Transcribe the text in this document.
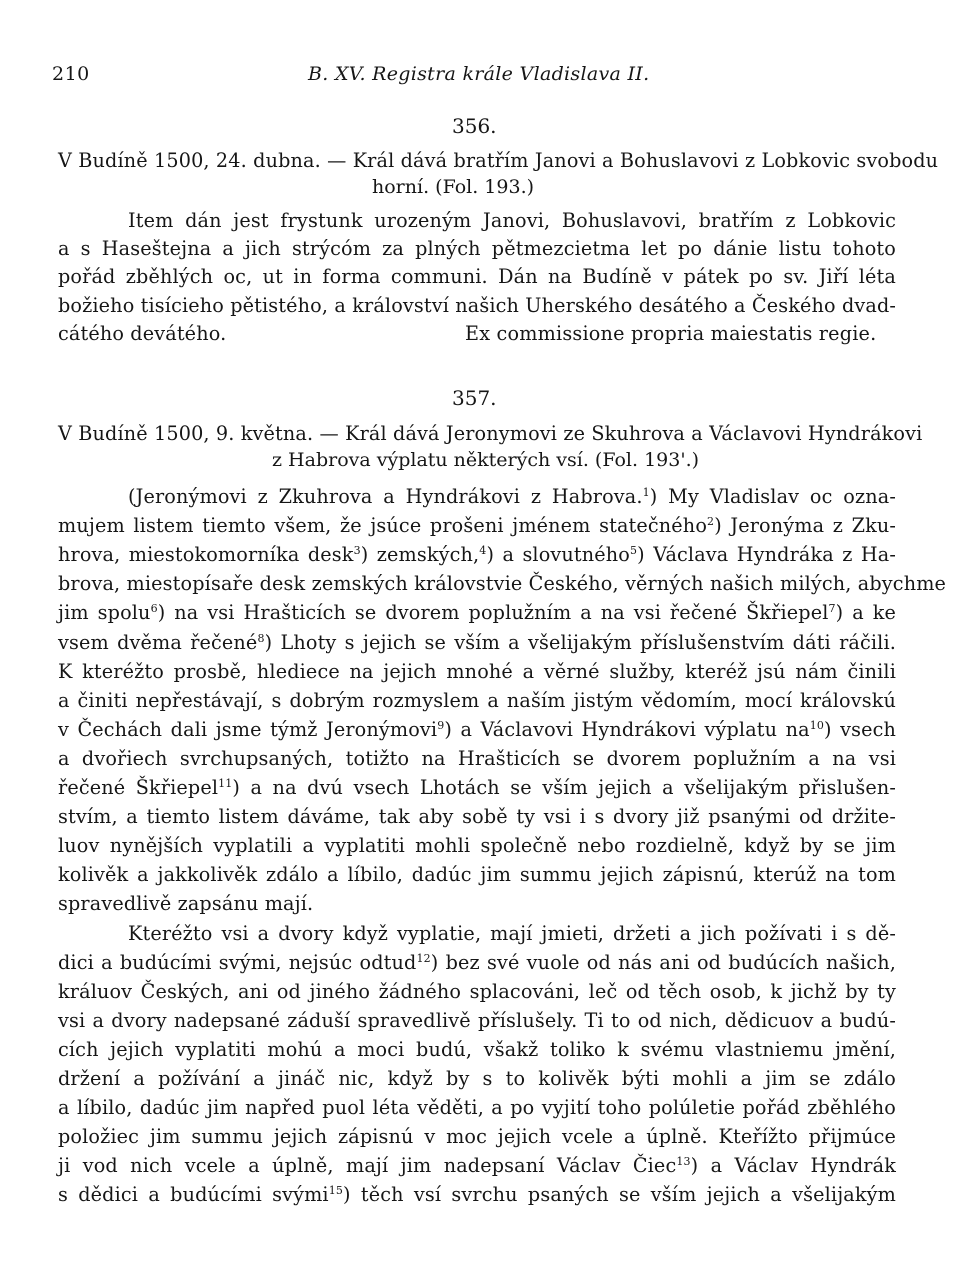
210	B. XV. Registra krále Vladislava II.
356.
V Budíně 1500, 24. dubna. — Král dává bratřím Janovi a Bohuslavovi z Lobkovic svobodu
horní. (Fol. 193.)
Item dán jest frystunk urozeným Janovi, Bohuslavovi, bratřím z Lobkovic
a s Haseštejna a jich strýcóm za plných pětmezcietma let po dánie listu tohoto
pořád zběhlých oc, ut in forma communi. Dán na Budíně v pátek po sv. Jiří léta
božieho tisícieho pětistého, a království našich Uherského desátého a Českého dvad-
cátého devátého.	Ex commissione propria maiestatis regie.
357.
V Budíně 1500, 9. května. — Král dává Jeronymovi ze Skuhrova a Václavovi Hyndrákovi
z Habrova výplatu některých vsí. (Fol. 193'.)
(Jeronýmovi z Zkuhrova a Hyndrákovi z Habrova.$^1$) My Vladislav oc ozna-
mujem listem tiemto všem, že jsúce prošeni jménem statečného$^2$) Jeronýma z Zku-
hrova, miestokomorníka desk$^3$) zemských,$^4$) a slovutného$^5$) Václava Hyndráka z Ha-
brova, miestopísaře desk zemských královstvie Českého, věrných našich milých, abychme
jim spolu$^6$) na vsi Hrašticích se dvorem poplužním a na vsi řečené Škřiepel$^7$) a ke
vsem dvěma řečené$^8$) Lhoty s jejich se vším a všelijakým příslušenstvím dáti ráčili.
K kteréžto prosbě, hlediece na jejich mnohé a věrné služby, kteréž jsú nám činili
a činiti nepřestávají, s dobrým rozmyslem a naším jistým vědomím, mocí královskú
v Čechách dali jsme týmž Jeronýmovi$^9$) a Václavovi Hyndrákovi výplatu $na^{10}$) vsech
a dvořiech svrchupsaných, totižto na Hrašticích se dvorem poplužním a na vsi
řečené Škřiepel$^{11}$) a na dvú vsech Lhotách se vším jejich a všelijakým přislušen-
stvím, a tiemto listem dáváme, tak aby sobě ty vsi i s dvory již psanými od držite-
luov nynějších vyplatili a vyplatiti mohli společně nebo rozdielně, když by se jim
kolivěk a jakkolivěk zdálo a líbilo, dadúc jim summu jejich zápisnú, kterúž na tom
spravedlivě zapsánu mají.
Kteréžto vsi a dvory když vyplatie, mají jmieti, držeti a jich požívati i s dě-
dici a budúcími svými, nejsúc odtud$^{12}$) bez své vuole od nás ani od budúcích našich,
králuov Českých, ani od jiného žádného splacováni, leč od těch osob, k jichž by ty
vsi a dvory nadepsané záduší spravedlivě příslušely. Ti to od nich, dědicuov a budú-
cích jejich vyplatiti mohú a moci budú, všakž toliko k svému vlastniemu jmění,
držení a požívání a jináč nic, když by s to kolivěk býti mohli a jim se zdálo
a líbilo, dadúc jim napřed puol léta věděti, a po vyjití toho polúletie pořád zběhlého
položiec jim summu jejich zápisnú v moc jejich vcele a úplně. Kteřížto přijmúce
ji vod nich vcele a úplně, mají jim nadepsaní Václav Čiec$^{13}$) a Václav Hyndrák
s dědici a budúcími svými$^{15}$) těch vsí svrchu psaných se vším jejich a všelijakým
